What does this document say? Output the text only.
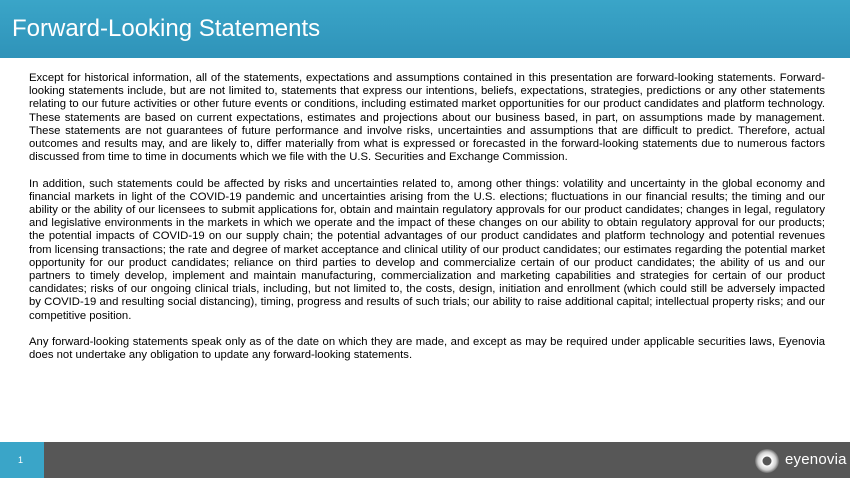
Forward-Looking Statements

Except for historical information, all of the statements, expectations and assumptions contained in this presentation are forward-looking statements. Forward-looking statements include, but are not limited to, statements that express our intentions, beliefs, expectations, strategies, predictions or any other statements relating to our future activities or other future events or conditions, including estimated market opportunities for our product candidates and platform technology. These statements are based on current expectations, estimates and projections about our business based, in part, on assumptions made by management. These statements are not guarantees of future performance and involve risks, uncertainties and assumptions that are difficult to predict. Therefore, actual outcomes and results may, and are likely to, differ materially from what is expressed or forecasted in the forward-looking statements due to numerous factors discussed from time to time in documents which we file with the U.S. Securities and Exchange Commission.

In addition, such statements could be affected by risks and uncertainties related to, among other things: volatility and uncertainty in the global economy and financial markets in light of the COVID-19 pandemic and uncertainties arising from the U.S. elections; fluctuations in our financial results; the timing and our ability or the ability of our licensees to submit applications for, obtain and maintain regulatory approvals for our product candidates; changes in legal, regulatory and legislative environments in the markets in which we operate and the impact of these changes on our ability to obtain regulatory approval for our products; the potential impacts of COVID-19 on our supply chain; the potential advantages of our product candidates and platform technology and potential revenues from licensing transactions; the rate and degree of market acceptance and clinical utility of our product candidates; our estimates regarding the potential market opportunity for our product candidates; reliance on third parties to develop and commercialize certain of our product candidates; the ability of us and our partners to timely develop, implement and maintain manufacturing, commercialization and marketing capabilities and strategies for certain of our product candidates; risks of our ongoing clinical trials, including, but not limited to, the costs, design, initiation and enrollment (which could still be adversely impacted by COVID-19 and resulting social distancing), timing, progress and results of such trials; our ability to raise additional capital; intellectual property risks; and our competitive position.

Any forward-looking statements speak only as of the date on which they are made, and except as may be required under applicable securities laws, Eyenovia does not undertake any obligation to update any forward-looking statements.

1	eyenovia
